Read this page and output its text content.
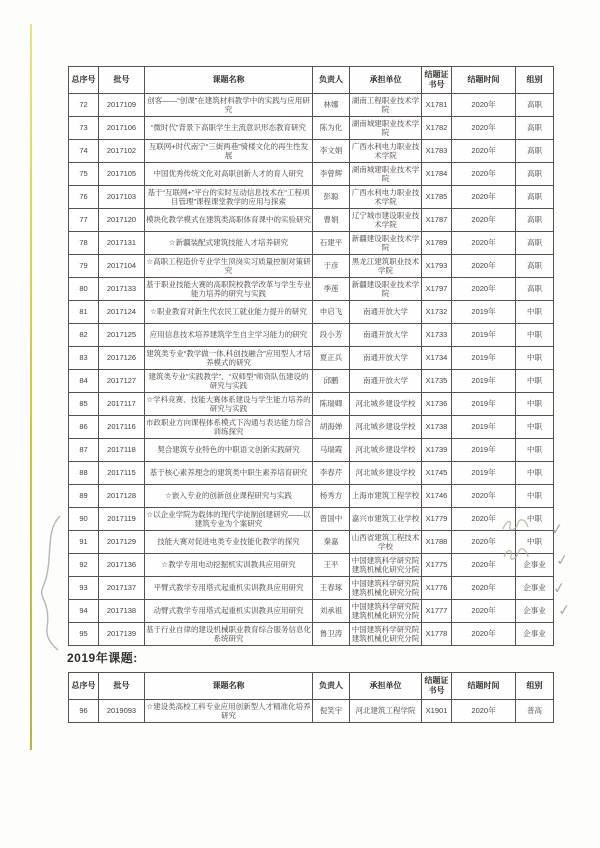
总序号	批号	课题名称	负责人	承担单位	结题证书号	结题时间	组别
72	2017109	创客——“创课”在建筑材料教学中的实践与应用研究	林娜	湖南工程职业技术学院	X1781	2020年	高职
73	2017106	“微时代”背景下高职学生主流意识形态教育研究	陈为化	湖南城建职业技术学院	X1782	2020年	高职
74	2017102	互联网+时代南宁“三街两巷”骑楼文化的再生性发展	李文娟	广西水利电力职业技术学院	X1783	2020年	高职
75	2017105	中国优秀传统文化对高职创新人才的育人研究	李曾辉	湖南城建职业技术学院	X1784	2020年	高职
76	2017103	基于“互联网+”平台的实时互动信息技术在“工程项目管理”课程课堂教学的应用与探索	彭聪	广西水利电力职业技术学院	X1785	2020年	高职
77	2017120	模块化教学模式在建筑类高职体育课中的实验研究	曹娟	辽宁城市建设职业技术学院	X1787	2020年	高职
78	2017131	☆新疆装配式建筑技能人才培养研究	石建平	新疆建设职业技术学院	X1789	2020年	高职
79	2017104	☆高职工程造价专业学生顶岗实习质量控制对策研究	于彦	黑龙江建筑职业技术学院	X1793	2020年	高职
80	2017133	基于职业技能大赛的高职院校教学改革与学生专业能力培养的研究与实践	季莲	新疆建设职业技术学院	X1797	2020年	高职
81	2017124	☆职业教育对新生代农民工就业能力提升的研究	申启飞	南通开放大学	X1732	2019年	中职
82	2017125	应用信息技术培养建筑学生自主学习能力的研究	段小芳	南通开放大学	X1733	2019年	中职
83	2017126	建筑类专业“教学做一体,科创技融合”应用型人才培养模式的研究	夏正兵	南通开放大学	X1734	2019年	中职
84	2017127	建筑类专业“实践教学”、“双师型”师资队伍建设的研究与实践	邱鹏	南通开放大学	X1735	2019年	中职
85	2017117	☆学科竞赛、技能大赛体系建设与学生能力培养的研究与实践	陈瑞卿	河北城乡建设学校	X1736	2019年	中职
86	2017116	市政职业方向课程体系模式下沟通与表达能力综合训练探究	胡海婵	河北城乡建设学校	X1738	2019年	中职
87	2017118	契合建筑专业特色的中职语文创新实践研究	马瑞霞	河北城乡建设学校	X1739	2019年	中职
88	2017115	基于核心素养理念的建筑类中职生素养培育研究	李春芹	河北城乡建设学校	X1745	2019年	中职
89	2017128	☆嵌入专业的创新创业课程研究与实践	杨秀方	上海市建筑工程学校	X1746	2020年	中职
90	2017119	☆以企业学院为载体的现代学徒制创建研究——以建筑专业为个案研究	曾国中	嘉兴市建筑工业学校	X1779	2020年	中职
91	2017129	技能大赛对促进电类专业技能化教学的探究	秦嘉	山西省建筑工程技术学校	X1788	2020年	中职
92	2017136	☆教学专用电动挖掘机实训教具应用研究	王平	中国建筑科学研究院建筑机械化研究分院	X1775	2020年	企事业
93	2017137	平臂式教学专用塔式起重机实训教具应用研究	王春琢	中国建筑科学研究院建筑机械化研究分院	X1776	2020年	企事业
94	2017138	动臂式教学专用塔式起重机实训教具应用研究	刘承祖	中国建筑科学研究院建筑机械化研究分院	X1777	2020年	企事业
95	2017139	基于行业自律的建设机械职业教育综合服务信息化系统研究	鲁卫涛	中国建筑科学研究院建筑机械化研究分院	X1778	2020年	企事业
2019年课题:
总序号	批号	课题名称	负责人	承担单位	结题证书号	结题时间	组别
96	2019093	☆建设类高校工科专业应用创新型人才精准化培养研究	倪笑宇	河北建筑工程学院	X1901	2020年	普高
✓
✓
✓
✓
